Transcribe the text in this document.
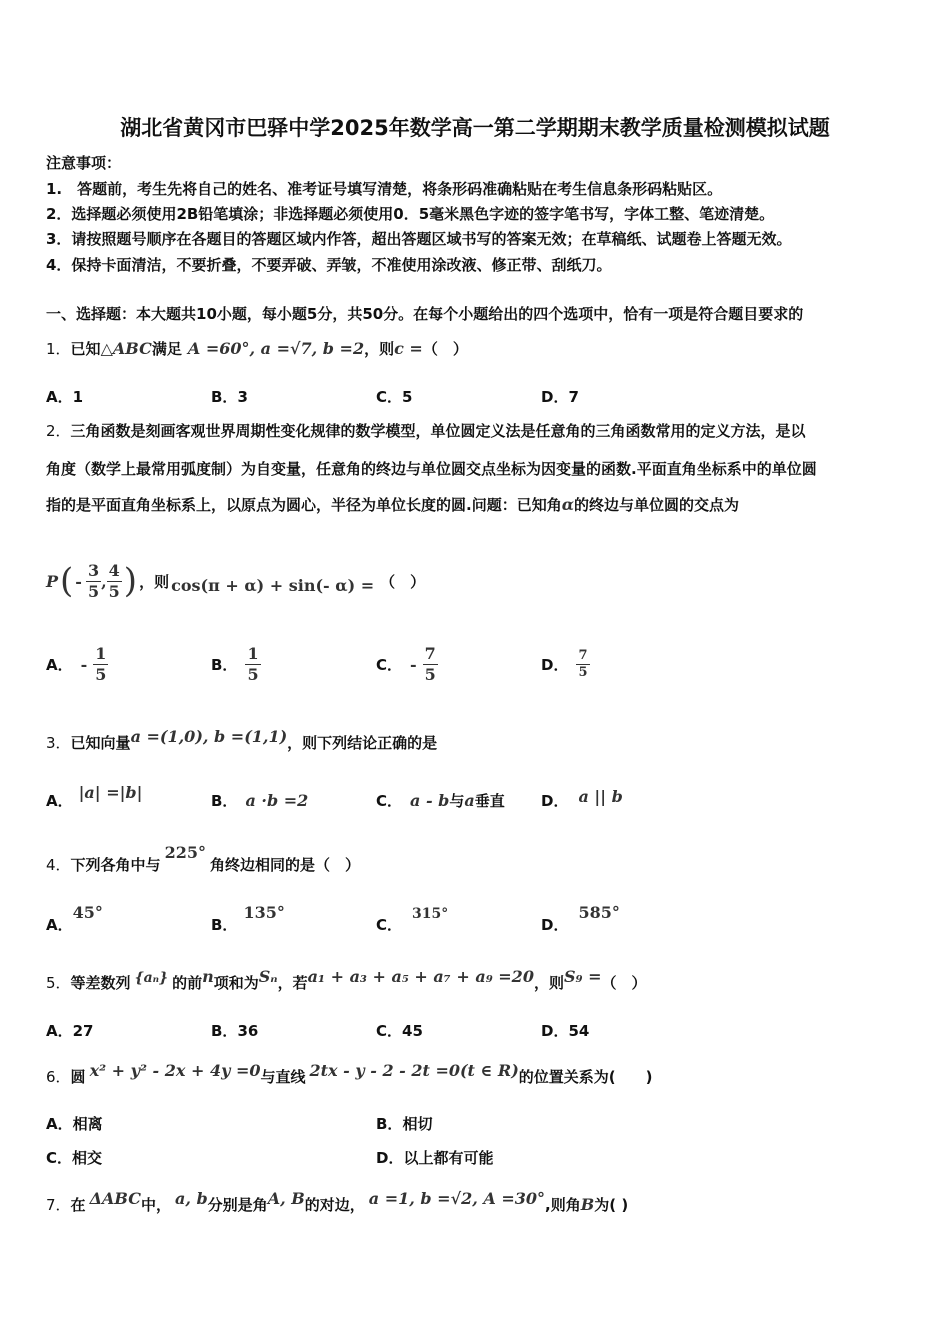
湖北省黄冈市巴驿中学2025年数学高一第二学期期末教学质量检测模拟试题
注意事项：
1.　答题前，考生先将自己的姓名、准考证号填写清楚，将条形码准确粘贴在考生信息条形码粘贴区。
2．选择题必须使用2B铅笔填涂；非选择题必须使用0．5毫米黑色字迹的签字笔书写，字体工整、笔迹清楚。
3．请按照题号顺序在各题目的答题区域内作答，超出答题区域书写的答案无效；在草稿纸、试题卷上答题无效。
4．保持卡面清洁，不要折叠，不要弄破、弄皱，不准使用涂改液、修正带、刮纸刀。
一、选择题：本大题共10小题，每小题5分，共50分。在每个小题给出的四个选项中，恰有一项是符合题目要求的
1．已知△ABC满足 A =60°, a =√7, b =2，则c =（　）
A．1	B．3	C．5	D．7
2．三角函数是刻画客观世界周期性变化规律的数学模型，单位圆定义法是任意角的三角函数常用的定义方法，是以
角度（数学上最常用弧度制）为自变量，任意角的终边与单位圆交点坐标为因变量的函数.平面直角坐标系中的单位圆
指的是平面直角坐标系上，以原点为圆心，半径为单位长度的圆.问题：已知角α的终边与单位圆的交点为
P ( - $\frac{3}{5}$ , $\frac{4}{5}$ ) ，则 cos(π + α) + sin(- α) = （　）
A． - $\frac{1}{5}$	B． $\frac{1}{5}$	C． - $\frac{7}{5}$	D． $\frac{7}{5}$
3．已知向量a =(1,0), b =(1,1)，则下列结论正确的是
A． |a| =|b|	B． a ·b =2	C． a - b与a垂直 D． a || b
4．下列各角中与225°角终边相同的是（　）
A．45°
B．135°
C．315°
D．585°
5．等差数列 {aₙ} 的前n项和为Sₙ，若a₁ + a₃ + a₅ + a₇ + a₉ =20，则S₉ =（　）
A．27	B．36	C．45	D．54
6．圆 x² + y² - 2x + 4y =0与直线 2tx - y - 2 - 2t =0(t ∈ R)的位置关系为(　　)
A．相离	B．相切
C．相交	D．以上都有可能
7．在 ΔABC中， a, b分别是角A, B的对边， a =1, b =√2, A =30°,则角B为( )
